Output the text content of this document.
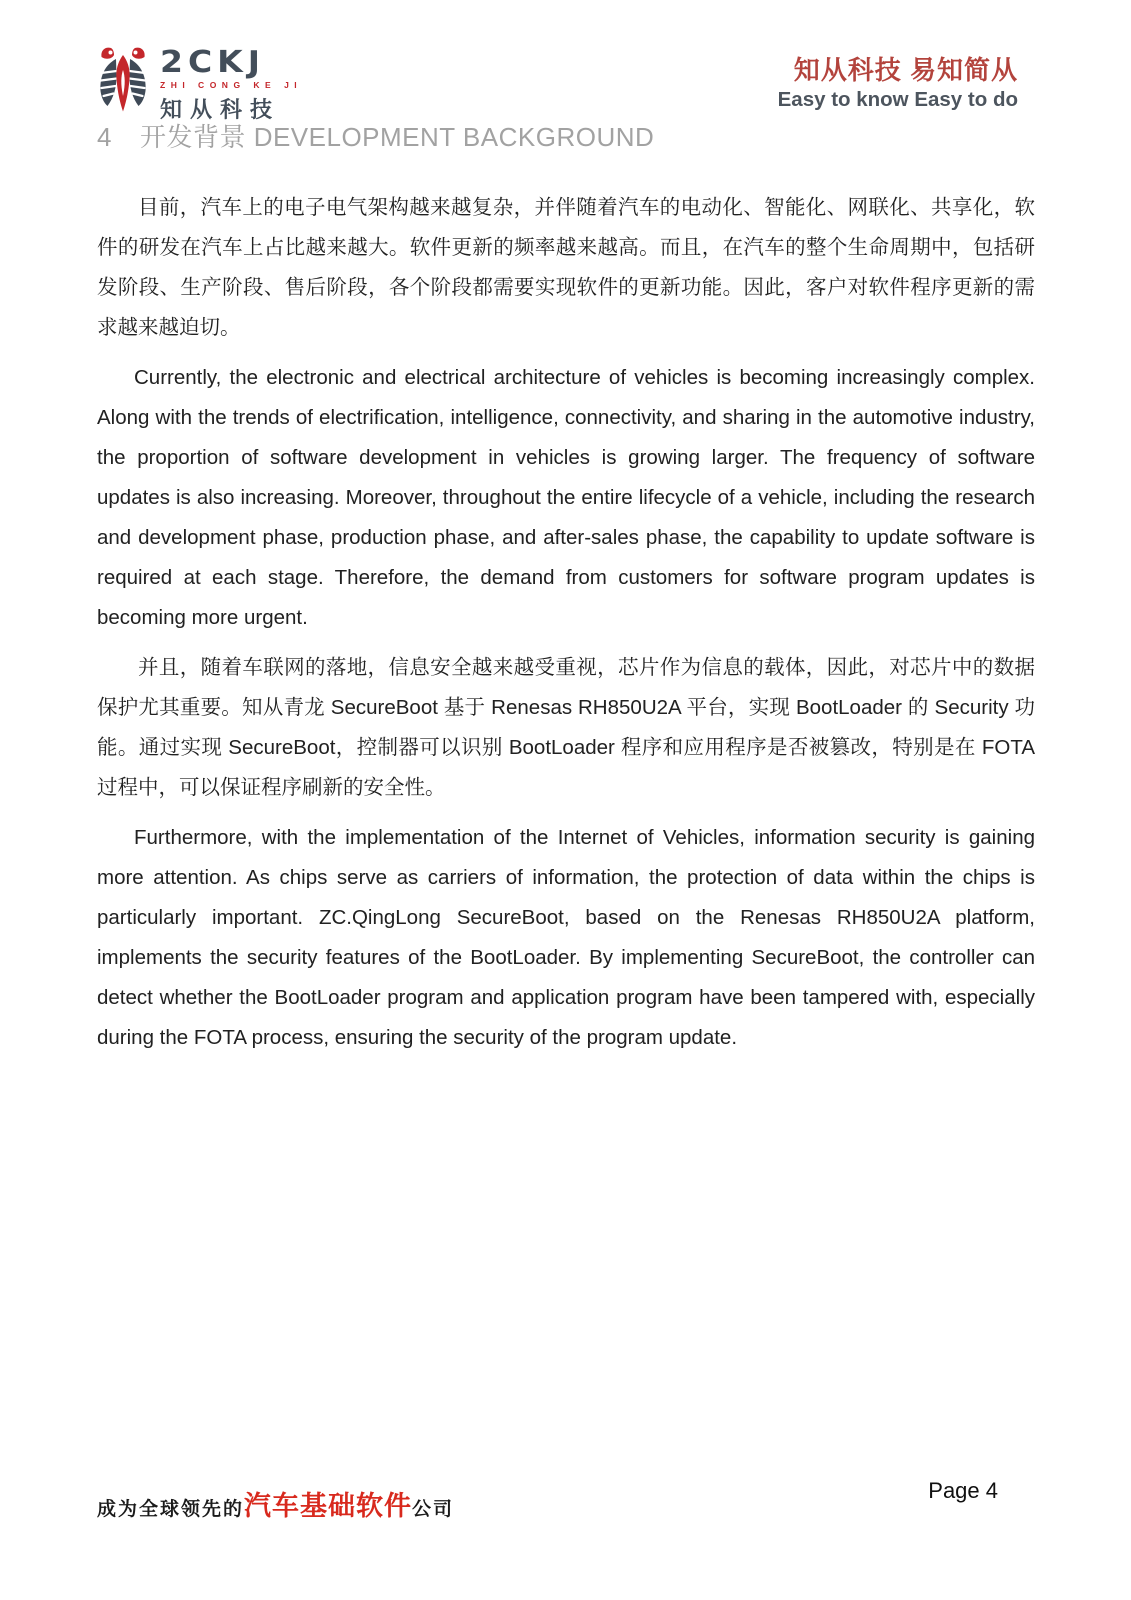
2CKJ
ZHI CONG KE JI
知从科技
知从科技 易知简从
Easy to know Easy to do
4 开发背景 DEVELOPMENT BACKGROUND

目前，汽车上的电子电气架构越来越复杂，并伴随着汽车的电动化、智能化、网联化、共享化，软件的研发在汽车上占比越来越大。软件更新的频率越来越高。而且，在汽车的整个生命周期中，包括研发阶段、生产阶段、售后阶段，各个阶段都需要实现软件的更新功能。因此，客户对软件程序更新的需求越来越迫切。

Currently, the electronic and electrical architecture of vehicles is becoming increasingly complex. Along with the trends of electrification, intelligence, connectivity, and sharing in the automotive industry, the proportion of software development in vehicles is growing larger. The frequency of software updates is also increasing. Moreover, throughout the entire lifecycle of a vehicle, including the research and development phase, production phase, and after-sales phase, the capability to update software is required at each stage. Therefore, the demand from customers for software program updates is becoming more urgent.

并且，随着车联网的落地，信息安全越来越受重视，芯片作为信息的载体，因此，对芯片中的数据保护尤其重要。知从青龙 SecureBoot 基于 Renesas RH850U2A 平台，实现 BootLoader 的 Security 功能。通过实现 SecureBoot，控制器可以识别 BootLoader 程序和应用程序是否被篡改，特别是在 FOTA 过程中，可以保证程序刷新的安全性。

Furthermore, with the implementation of the Internet of Vehicles, information security is gaining more attention. As chips serve as carriers of information, the protection of data within the chips is particularly important. ZC.QingLong SecureBoot, based on the Renesas RH850U2A platform, implements the security features of the BootLoader. By implementing SecureBoot, the controller can detect whether the BootLoader program and application program have been tampered with, especially during the FOTA process, ensuring the security of the program update.

成为全球领先的汽车基础软件公司
Page 4
